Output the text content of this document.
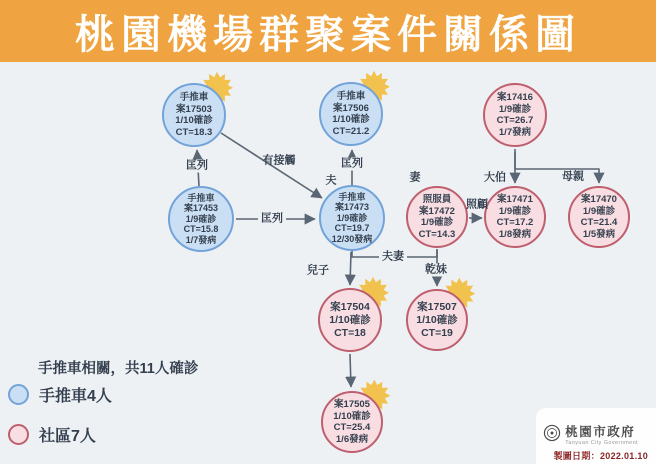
桃園機場群聚案件關係圖
手推車
案17503
1/10確診
CT=18.3
手推車
案17506
1/10確診
CT=21.2
案17416
1/9確診
CT=26.7
1/7發病
手推車
案17453
1/9確診
CT=15.8
1/7發病
手推車
案17473
1/9確診
CT=19.7
12/30發病
照服員
案17472
1/9確診
CT=14.3
案17471
1/9確診
CT=17.2
1/8發病
案17470
1/9確診
CT=21.4
1/5發病
案17504
1/10確診
CT=18
案17507
1/10確診
CT=19
案17505
1/10確診
CT=25.4
1/6發病
匡列	匡列
匡列
有接觸
夫妻
兒子	乾妹
照顧
大伯	母親
夫	妻
手推車相關，共11人確診
手推車4人
社區7人	桃園市政府
Taoyuan City Government
製圖日期：2022.01.10
